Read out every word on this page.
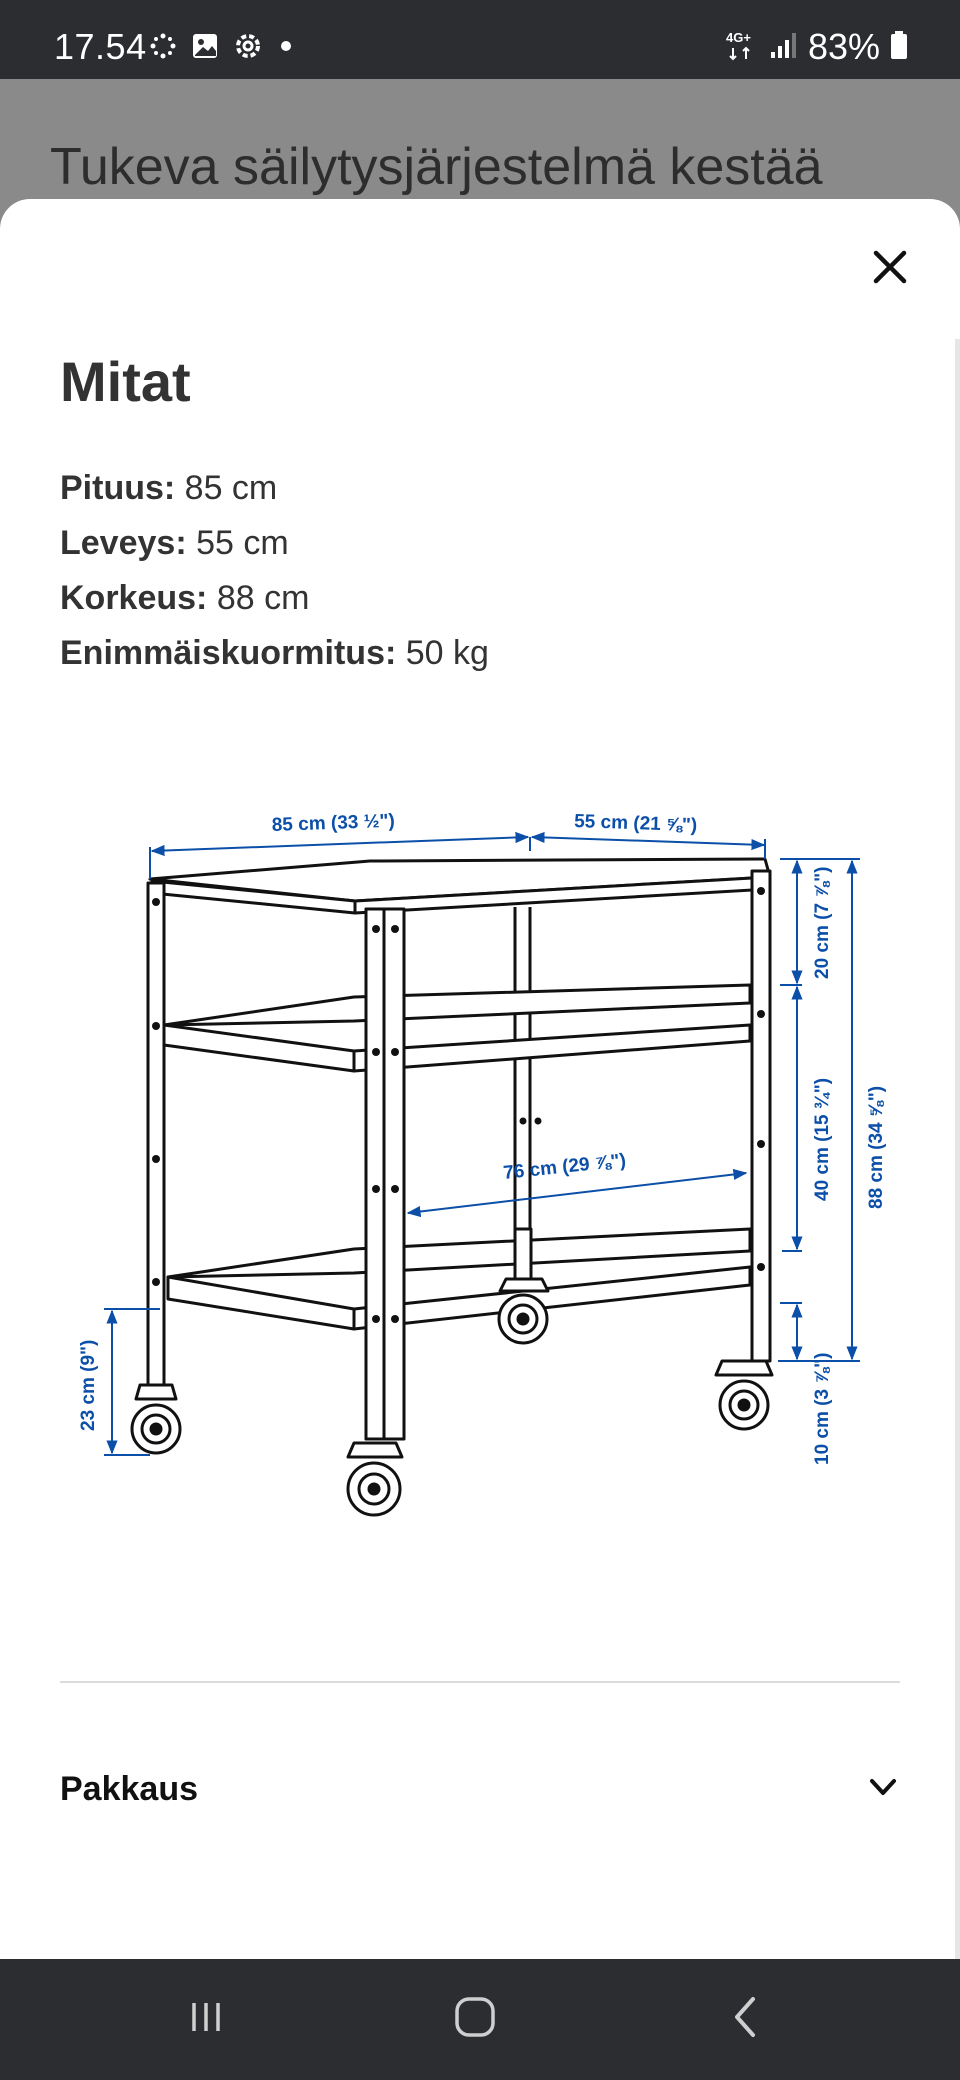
17.54	4G+ 83%
Tukeva säilytysjärjestelmä kestää
Mitat
Pituus: 85 cm
Leveys: 55 cm
Korkeus: 88 cm
Enimmäiskuormitus: 50 kg
85 cm (33 ½")	55 cm (21 ⅝")
20 cm (7 ⅞")
40 cm (15 ¾") 88 cm (34 ⅝")
76 cm (29 ⅞")
23 cm (9")	10 cm (3 ⅞")
Pakkaus
